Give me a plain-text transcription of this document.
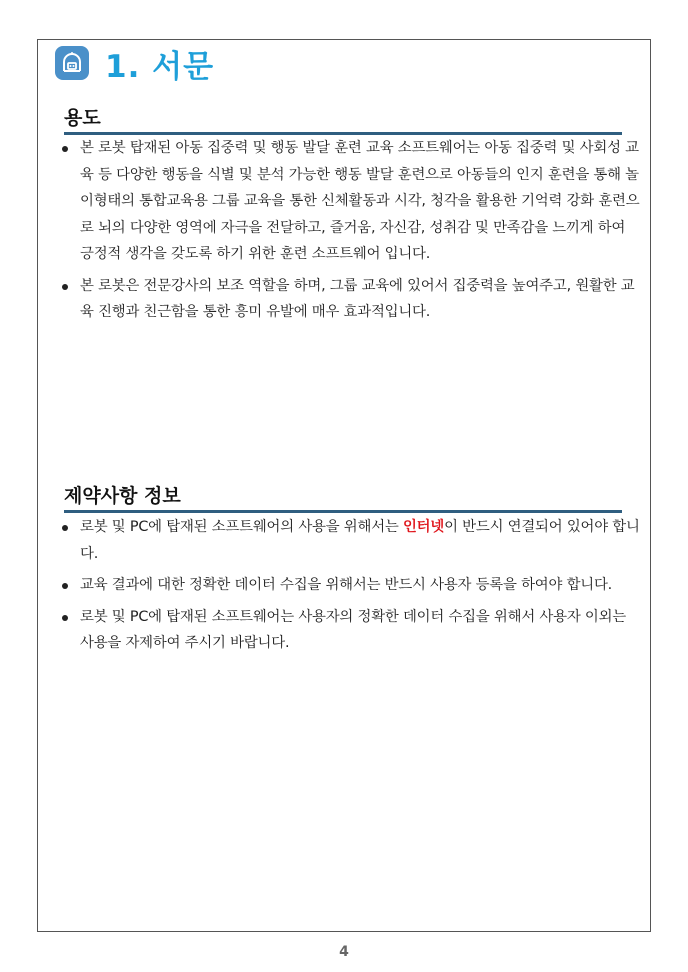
1. 서문
용도
본 로봇 탑재된 아동 집중력 및 행동 발달 훈련 교육 소프트웨어는 아동 집중력 및 사회성 교육 등 다양한 행동을 식별 및 분석 가능한 행동 발달 훈련으로 아동들의 인지 훈련을 통해 놀이형태의 통합교육용 그룹 교육을 통한 신체활동과 시각, 청각을 활용한 기억력 강화 훈련으로 뇌의 다양한 영역에 자극을 전달하고, 즐거움, 자신감, 성취감 및 만족감을 느끼게 하여 긍정적 생각을 갖도록 하기 위한 훈련 소프트웨어 입니다.
본 로봇은 전문강사의 보조 역할을 하며, 그룹 교육에 있어서 집중력을 높여주고, 원활한 교육 진행과 친근함을 통한 흥미 유발에 매우 효과적입니다.
제약사항 정보
로봇 및 PC에 탑재된 소프트웨어의 사용을 위해서는 인터넷이 반드시 연결되어 있어야 합니다.
교육 결과에 대한 정확한 데이터 수집을 위해서는 반드시 사용자 등록을 하여야 합니다.
로봇 및 PC에 탑재된 소프트웨어는 사용자의 정확한 데이터 수집을 위해서 사용자 이외는 사용을 자제하여 주시기 바랍니다.
4
